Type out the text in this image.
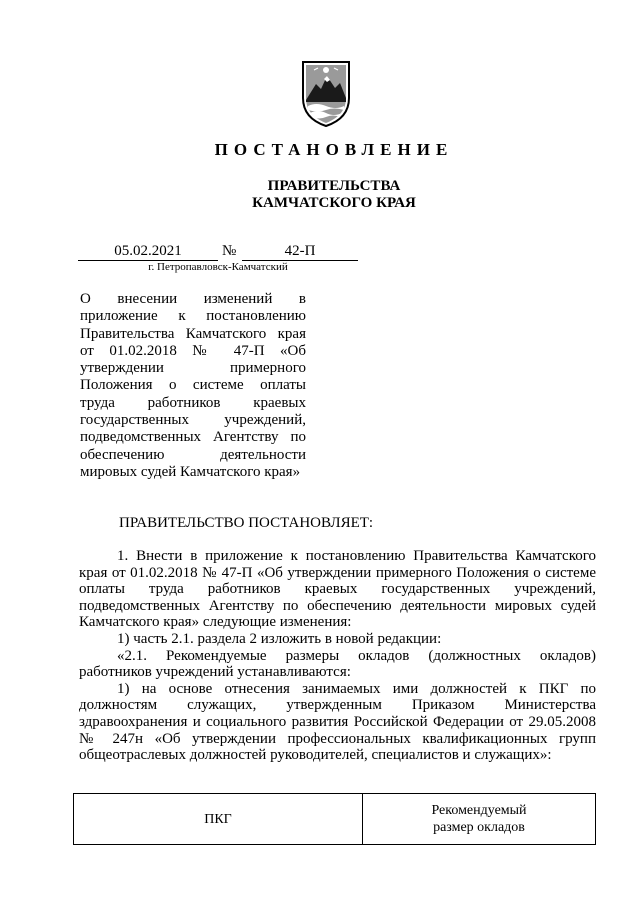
ПОСТАНОВЛЕНИЕ
ПРАВИТЕЛЬСТВА
КАМЧАТСКОГО КРАЯ
05.02.2021	№	42-П
г. Петропавловск-Камчатский
О внесении изменений в приложение к постановлению Правительства Камчатского края от 01.02.2018 № 47-П «Об утверждении примерного Положения о системе оплаты труда работников краевых государственных учреждений, подведомственных Агентству по обеспечению деятельности мировых судей Камчатского края»
ПРАВИТЕЛЬСТВО ПОСТАНОВЛЯЕТ:

1. Внести в приложение к постановлению Правительства Камчатского края от 01.02.2018 № 47-П «Об утверждении примерного Положения о системе оплаты труда работников краевых государственных учреждений, подведомственных Агентству по обеспечению деятельности мировых судей Камчатского края» следующие изменения:

1) часть 2.1. раздела 2 изложить в новой редакции:

«2.1. Рекомендуемые размеры окладов (должностных окладов) работников учреждений устанавливаются:

1) на основе отнесения занимаемых ими должностей к ПКГ по должностям служащих, утвержденным Приказом Министерства здравоохранения и социального развития Российской Федерации от 29.05.2008 № 247н «Об утверждении профессиональных квалификационных групп общеотраслевых должностей руководителей, специалистов и служащих»:

ПКГ
Рекомендуемый
размер окладов
